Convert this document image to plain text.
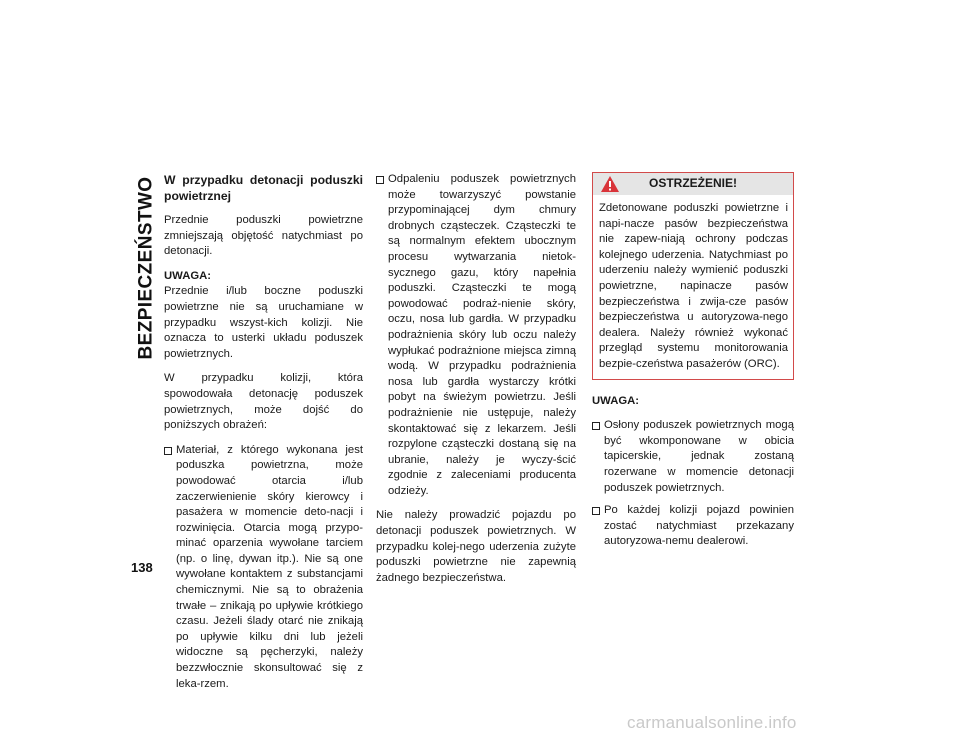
BEZPIECZEŃSTWO
138

W przypadku detonacji poduszki powietrznej

Przednie poduszki powietrzne zmniejszają objętość natychmiast po detonacji.

UWAGA:
Przednie i/lub boczne poduszki powietrzne nie są uruchamiane w przypadku wszyst-kich kolizji. Nie oznacza to usterki układu poduszek powietrznych.

W przypadku kolizji, która spowodowała detonację poduszek powietrznych, może dojść do poniższych obrażeń:

Materiał, z którego wykonana jest poduszka powietrzna, może powodować otarcia i/lub zaczerwienienie skóry kierowcy i pasażera w momencie deto-nacji i rozwinięcia. Otarcia mogą przypo-minać oparzenia wywołane tarciem (np. o linę, dywan itp.). Nie są one wywołane kontaktem z substancjami chemicznymi. Nie są to obrażenia trwałe – znikają po upływie krótkiego czasu. Jeżeli ślady otarć nie znikają po upływie kilku dni lub jeżeli widoczne są pęcherzyki, należy bezzwłocznie skonsultować się z leka-rzem.
Odpaleniu poduszek powietrznych może towarzyszyć powstanie przypominającej dym chmury drobnych cząsteczek. Cząsteczki te są normalnym efektem ubocznym procesu wytwarzania nietok-sycznego gazu, który napełnia poduszki. Cząsteczki te mogą powodować podraż-nienie skóry, oczu, nosa lub gardła. W przypadku podrażnienia skóry lub oczu należy wypłukać podrażnione miejsca zimną wodą. W przypadku podrażnienia nosa lub gardła wystarczy krótki pobyt na świeżym powietrzu. Jeśli podrażnienie nie ustępuje, należy skontaktować się z lekarzem. Jeśli rozpylone cząsteczki dostaną się na ubranie, należy je wyczy-ścić zgodnie z zaleceniami producenta odzieży.

Nie należy prowadzić pojazdu po detonacji poduszek powietrznych. W przypadku kolej-nego uderzenia zużyte poduszki powietrzne nie zapewnią żadnego bezpieczeństwa.

OSTRZEŻENIE!
Zdetonowane poduszki powietrzne i napi-nacze pasów bezpieczeństwa nie zapew-niają ochrony podczas kolejnego uderzenia. Natychmiast po uderzeniu należy wymienić poduszki powietrzne, napinacze pasów bezpieczeństwa i zwija-cze pasów bezpieczeństwa u autoryzowa-nego dealera. Należy również wykonać przegląd systemu monitorowania bezpie-czeństwa pasażerów (ORC).

UWAGA:

Osłony poduszek powietrznych mogą być wkomponowane w obicia tapicerskie, jednak zostaną rozerwane w momencie detonacji poduszek powietrznych.
Po każdej kolizji pojazd powinien zostać natychmiast przekazany autoryzowa-nemu dealerowi.
carmanualsonline.info
